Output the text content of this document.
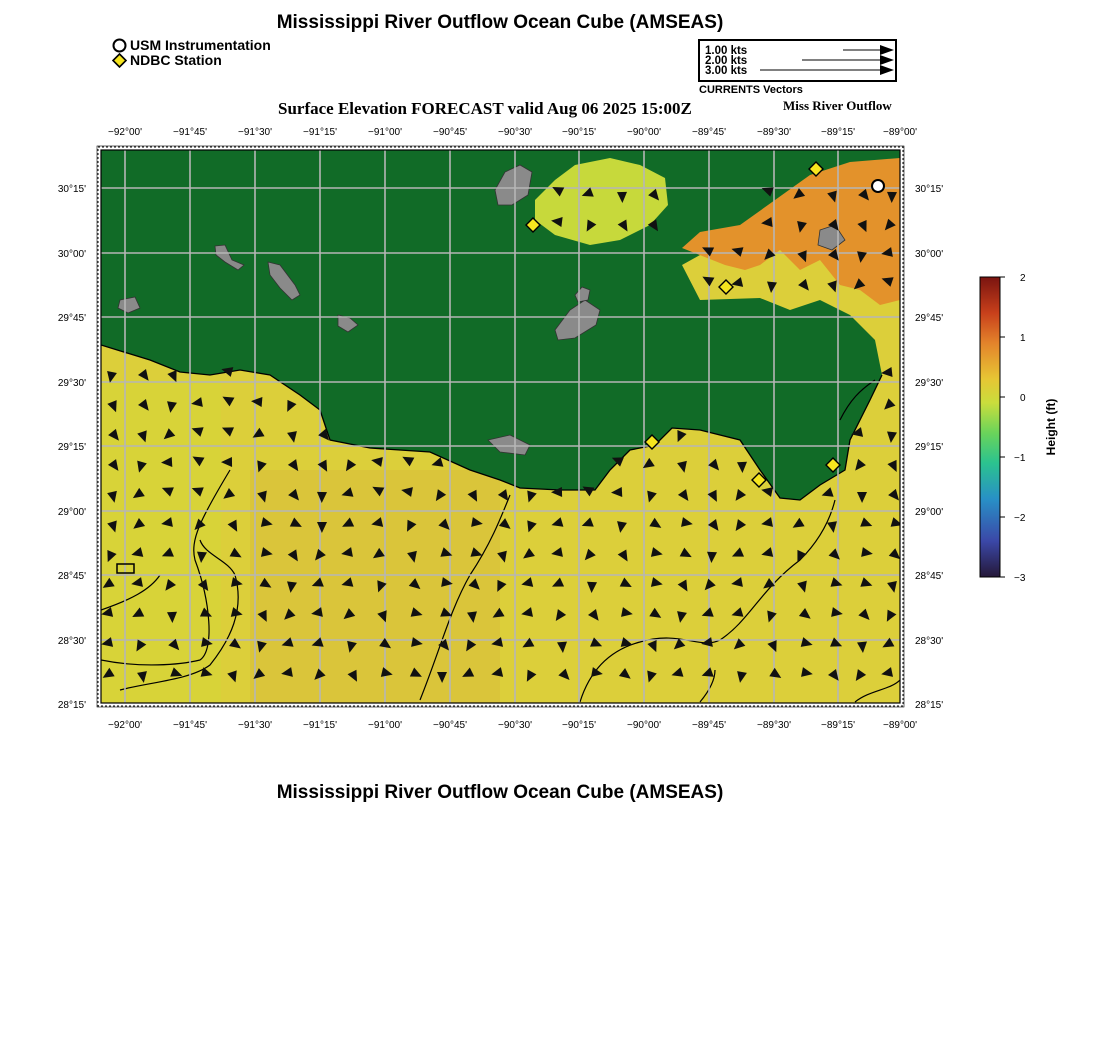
Mississippi River Outflow Ocean Cube (AMSEAS)
USM Instrumentation
NDBC Station
1.00 kts
2.00 kts
3.00 kts
CURRENTS Vectors
Surface Elevation FORECAST valid Aug 06 2025 15:00Z	Miss River Outflow
−92°00'	−91°45'	−91°30'	−91°15'	−91°00'	−90°45'	−90°30'	−90°15'	−90°00'	−89°45'	−89°30'	−89°15'	−89°00'
−92°00'	−91°45'	−91°30'	−91°15'	−91°00'	−90°45'	−90°30'	−90°15'	−90°00'	−89°45'	−89°30'	−89°15'	−89°00'
30°15'
30°00'
29°45'
29°30'
29°15'
29°00'
28°45'
28°30'
28°15'
30°15'
30°00'
29°45'
29°30'
29°15'
29°00'
28°45'
28°30'
28°15'
2
1
0
−1
−2
−3
Height (ft)
Mississippi River Outflow Ocean Cube (AMSEAS)
